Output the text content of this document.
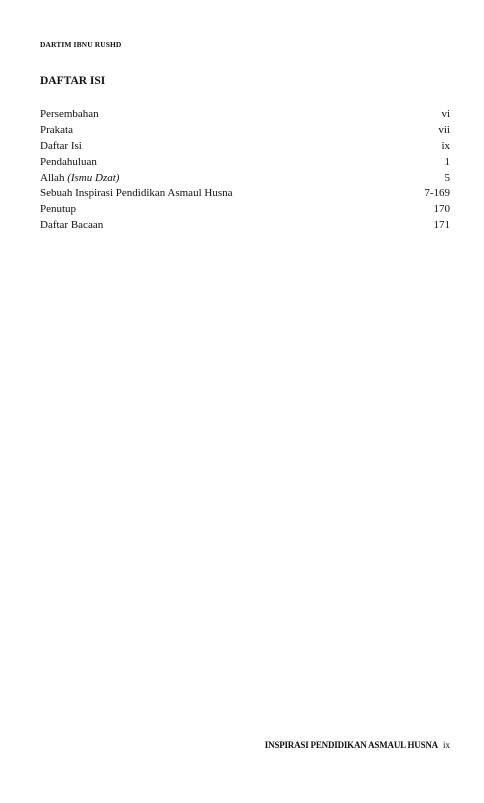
DARTIM IBNU RUSHD
DAFTAR ISI
Persembahan	vi
Prakata	vii
Daftar Isi	ix
Pendahuluan	1
Allah (Ismu Dzat)	5
Sebuah Inspirasi Pendidikan Asmaul Husna	7-169
Penutup	170
Daftar Bacaan	171
INSPIRASI PENDIDIKAN ASMAUL HUSNA ix
